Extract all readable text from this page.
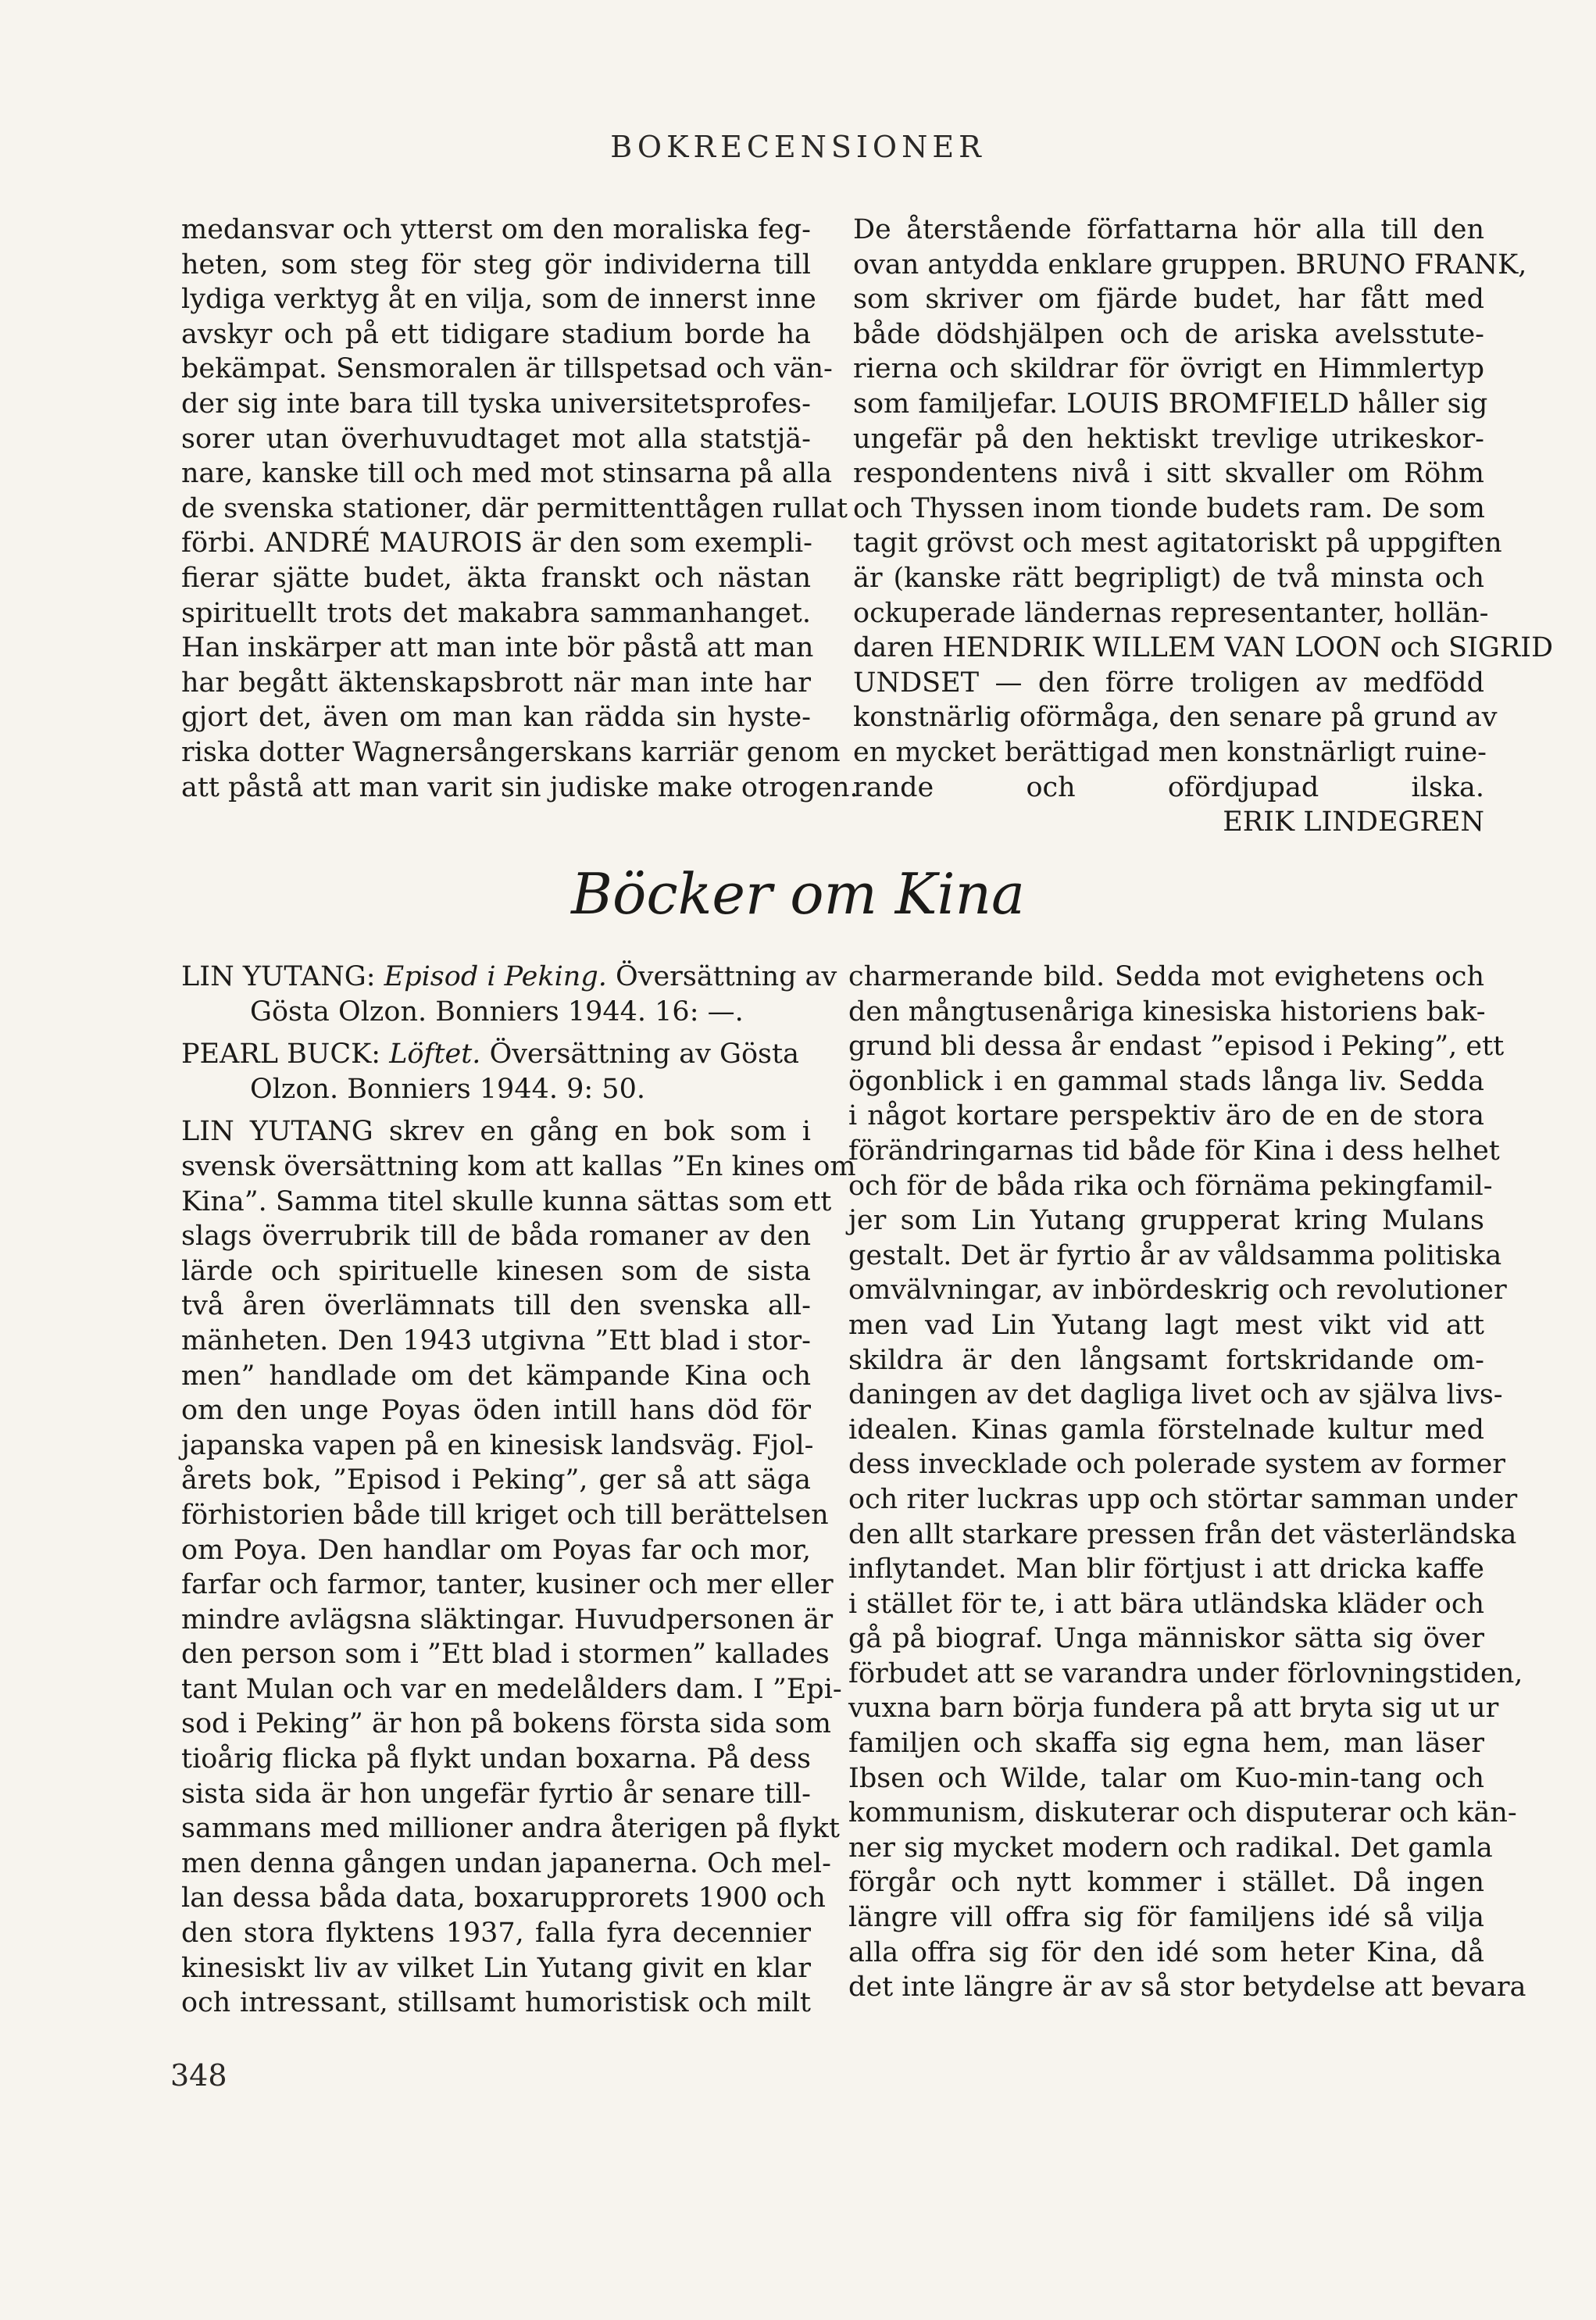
BOKRECENSIONER
medansvar och ytterst om den moraliska feg-
heten, som steg för steg gör individerna till
lydiga verktyg åt en vilja, som de innerst inne
avskyr och på ett tidigare stadium borde ha
bekämpat. Sensmoralen är tillspetsad och vän-
der sig inte bara till tyska universitetsprofes-
sorer utan överhuvudtaget mot alla statstjä-
nare, kanske till och med mot stinsarna på alla
de svenska stationer, där permittenttågen rullat
förbi. ANDRÉ MAUROIS är den som exempli-
fierar sjätte budet, äkta franskt och nästan
spirituellt trots det makabra sammanhanget.
Han inskärper att man inte bör påstå att man
har begått äktenskapsbrott när man inte har
gjort det, även om man kan rädda sin hyste-
riska dotter Wagnersångerskans karriär genom
att påstå att man varit sin judiske make otrogen.
De återstående författarna hör alla till den
ovan antydda enklare gruppen. BRUNO FRANK,
som skriver om fjärde budet, har fått med
både dödshjälpen och de ariska avelsstute-
rierna och skildrar för övrigt en Himmlertyp
som familjefar. LOUIS BROMFIELD håller sig
ungefär på den hektiskt trevlige utrikeskor-
respondentens nivå i sitt skvaller om Röhm
och Thyssen inom tionde budets ram. De som
tagit grövst och mest agitatoriskt på uppgiften
är (kanske rätt begripligt) de två minsta och
ockuperade ländernas representanter, hollän-
daren HENDRIK WILLEM VAN LOON och SIGRID
UNDSET — den förre troligen av medfödd
konstnärlig oförmåga, den senare på grund av
en mycket berättigad men konstnärligt ruine-
rande och ofördjupad ilska.
ERIK LINDEGREN
Böcker om Kina
LIN YUTANG: Episod i Peking. Översättning av
Gösta Olzon. Bonniers 1944. 16: —.
PEARL BUCK: Löftet. Översättning av Gösta
Olzon. Bonniers 1944. 9: 50.
LIN YUTANG skrev en gång en bok som i
svensk översättning kom att kallas ”En kines om
Kina”. Samma titel skulle kunna sättas som ett
slags överrubrik till de båda romaner av den
lärde och spirituelle kinesen som de sista
två åren överlämnats till den svenska all-
mänheten. Den 1943 utgivna ”Ett blad i stor-
men” handlade om det kämpande Kina och
om den unge Poyas öden intill hans död för
japanska vapen på en kinesisk landsväg. Fjol-
årets bok, ”Episod i Peking”, ger så att säga
förhistorien både till kriget och till berättelsen
om Poya. Den handlar om Poyas far och mor,
farfar och farmor, tanter, kusiner och mer eller
mindre avlägsna släktingar. Huvudpersonen är
den person som i ”Ett blad i stormen” kallades
tant Mulan och var en medelålders dam. I ”Epi-
sod i Peking” är hon på bokens första sida som
tioårig flicka på flykt undan boxarna. På dess
sista sida är hon ungefär fyrtio år senare till-
sammans med millioner andra återigen på flykt
men denna gången undan japanerna. Och mel-
lan dessa båda data, boxarupprorets 1900 och
den stora flyktens 1937, falla fyra decennier
kinesiskt liv av vilket Lin Yutang givit en klar
och intressant, stillsamt humoristisk och milt
charmerande bild. Sedda mot evighetens och
den mångtusenåriga kinesiska historiens bak-
grund bli dessa år endast ”episod i Peking”, ett
ögonblick i en gammal stads långa liv. Sedda
i något kortare perspektiv äro de en de stora
förändringarnas tid både för Kina i dess helhet
och för de båda rika och förnäma pekingfamil-
jer som Lin Yutang grupperat kring Mulans
gestalt. Det är fyrtio år av våldsamma politiska
omvälvningar, av inbördeskrig och revolutioner
men vad Lin Yutang lagt mest vikt vid att
skildra är den långsamt fortskridande om-
daningen av det dagliga livet och av själva livs-
idealen. Kinas gamla förstelnade kultur med
dess invecklade och polerade system av former
och riter luckras upp och störtar samman under
den allt starkare pressen från det västerländska
inflytandet. Man blir förtjust i att dricka kaffe
i stället för te, i att bära utländska kläder och
gå på biograf. Unga människor sätta sig över
förbudet att se varandra under förlovningstiden,
vuxna barn börja fundera på att bryta sig ut ur
familjen och skaffa sig egna hem, man läser
Ibsen och Wilde, talar om Kuo-min-tang och
kommunism, diskuterar och disputerar och kän-
ner sig mycket modern och radikal. Det gamla
förgår och nytt kommer i stället. Då ingen
längre vill offra sig för familjens idé så vilja
alla offra sig för den idé som heter Kina, då
det inte längre är av så stor betydelse att bevara
348
